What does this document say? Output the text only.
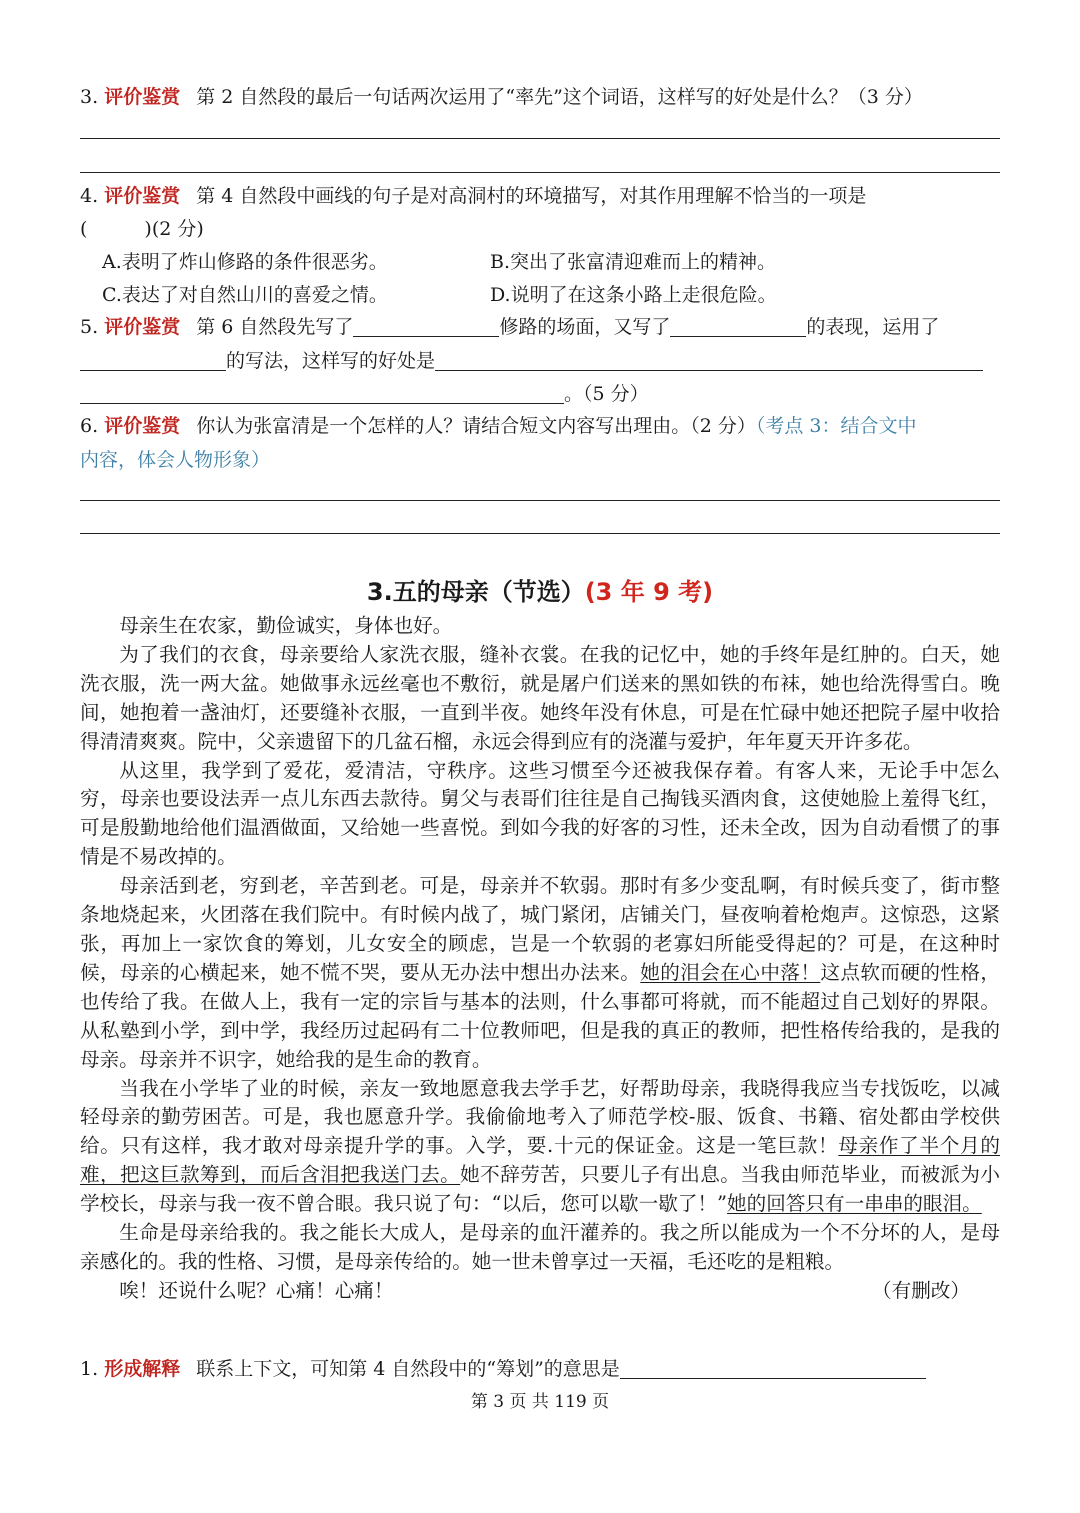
3. 评价鉴赏 第 2 自然段的最后一句话两次运用了“率先”这个词语，这样写的好处是什么？（3 分）
4. 评价鉴赏 第 4 自然段中画线的句子是对高洞村的环境描写，对其作用理解不恰当的一项是
(　　　)(2 分)
A.表明了炸山修路的条件很恶劣。	B.突出了张富清迎难而上的精神。
C.表达了对自然山川的喜爱之情。	D.说明了在这条小路上走很危险。
5. 评价鉴赏 第 6 自然段先写了	修路的场面，又写了	的表现，运用了
的写法，这样写的好处是
。（5 分）
6. 评价鉴赏 你认为张富清是一个怎样的人？请结合短文内容写出理由。（2 分）（考点 3：结合文中
内容，体会人物形象）
3.五的母亲（节选）(3 年 9 考)

母亲生在农家，勤俭诚实，身体也好。

为了我们的衣食，母亲要给人家洗衣服，缝补衣裳。在我的记忆中，她的手终年是红肿的。白天，她洗衣服，洗一两大盆。她做事永远丝毫也不敷衍，就是屠户们送来的黑如铁的布袜，她也给洗得雪白。晚间，她抱着一盏油灯，还要缝补衣服，一直到半夜。她终年没有休息，可是在忙碌中她还把院子屋中收拾得清清爽爽。院中，父亲遗留下的几盆石榴，永远会得到应有的浇灌与爱护，年年夏天开许多花。

从这里，我学到了爱花，爱清洁，守秩序。这些习惯至今还被我保存着。有客人来，无论手中怎么穷，母亲也要设法弄一点儿东西去款待。舅父与表哥们往往是自己掏钱买酒肉食，这使她脸上羞得飞红，可是殷勤地给他们温酒做面，又给她一些喜悦。到如今我的好客的习性，还未全改，因为自动看惯了的事情是不易改掉的。

母亲活到老，穷到老，辛苦到老。可是，母亲并不软弱。那时有多少变乱啊，有时候兵变了，街市整条地烧起来，火团落在我们院中。有时候内战了，城门紧闭，店铺关门，昼夜响着枪炮声。这惊恐，这紧张，再加上一家饮食的筹划，儿女安全的顾虑，岂是一个软弱的老寡妇所能受得起的？可是，在这种时候，母亲的心横起来，她不慌不哭，要从无办法中想出办法来。她的泪会在心中落！这点软而硬的性格，也传给了我。在做人上，我有一定的宗旨与基本的法则，什么事都可将就，而不能超过自己划好的界限。从私塾到小学，到中学，我经历过起码有二十位教师吧，但是我的真正的教师，把性格传给我的，是我的母亲。母亲并不识字，她给我的是生命的教育。

当我在小学毕了业的时候，亲友一致地愿意我去学手艺，好帮助母亲，我晓得我应当专找饭吃，以减轻母亲的勤劳困苦。可是，我也愿意升学。我偷偷地考入了师范学校-服、饭食、书籍、宿处都由学校供给。只有这样，我才敢对母亲提升学的事。入学，要.十元的保证金。这是一笔巨款！母亲作了半个月的难，把这巨款筹到，而后含泪把我送门去。她不辞劳苦，只要儿子有出息。当我由师范毕业，而被派为小学校长，母亲与我一夜不曾合眼。我只说了句：“以后，您可以歇一歇了！”她的回答只有一串串的眼泪。

生命是母亲给我的。我之能长大成人，是母亲的血汗灌养的。我之所以能成为一个不分坏的人，是母亲感化的。我的性格、习惯，是母亲传给的。她一世未曾享过一天福，毛还吃的是粗粮。

唉！还说什么呢？心痛！心痛！	（有删改）

1. 形成解释 联系上下文，可知第 4 自然段中的“筹划”的意思是
第 3 页 共 119 页
